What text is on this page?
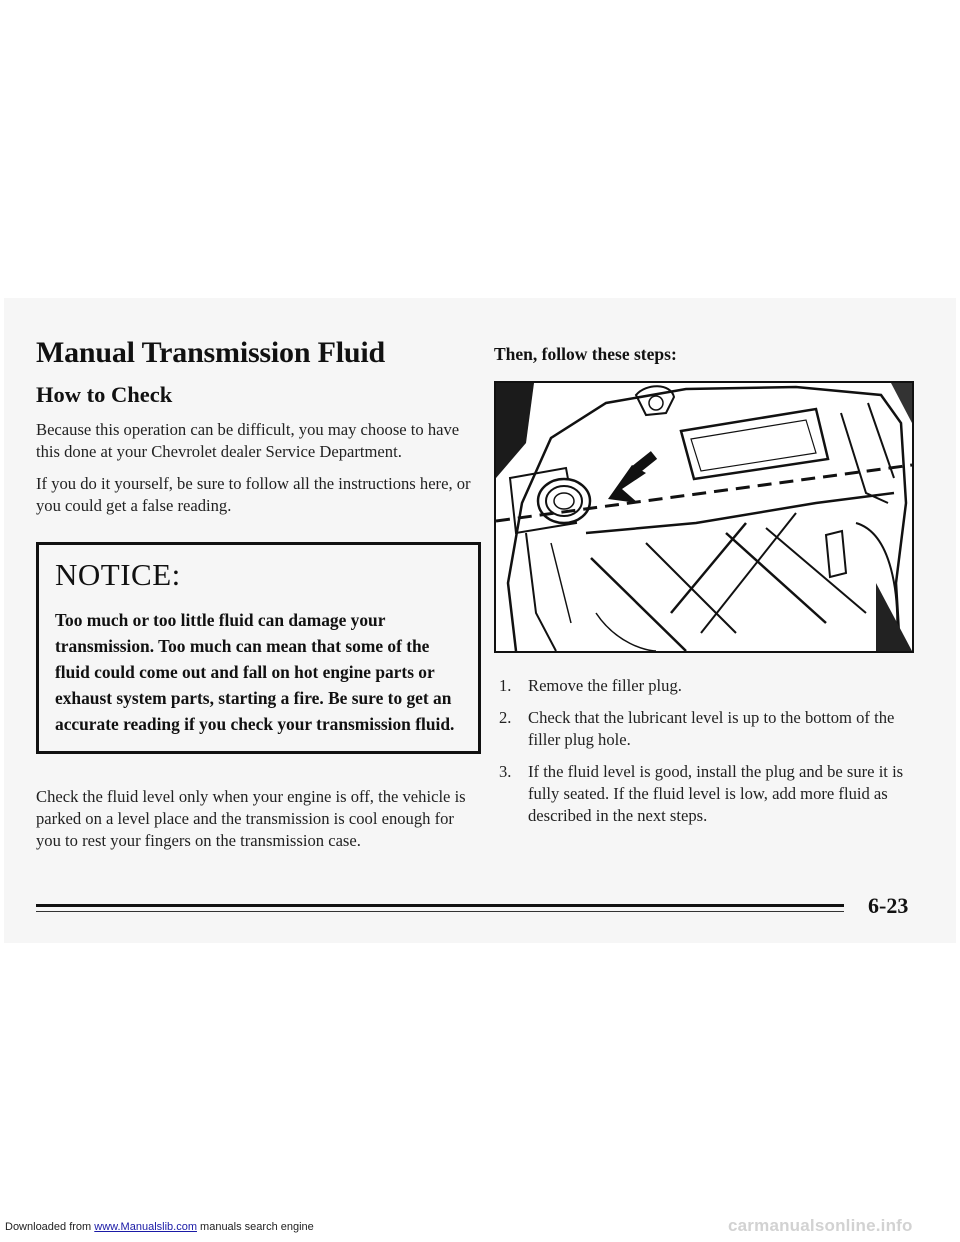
Manual Transmission Fluid
How to Check

Because this operation can be difficult, you may choose to have this done at your Chevrolet dealer Service Department.

If you do it yourself, be sure to follow all the instructions here, or you could get a false reading.

NOTICE:

Too much or too little fluid can damage your transmission. Too much can mean that some of the fluid could come out and fall on hot engine parts or exhaust system parts, starting a fire. Be sure to get an accurate reading if you check your transmission fluid.

Check the fluid level only when your engine is off, the vehicle is parked on a level place and the transmission is cool enough for you to rest your fingers on the transmission case.

Then, follow these steps:
1. Remove the filler plug.
2. Check that the lubricant level is up to the bottom of the filler plug hole.
3. If the fluid level is good, install the plug and be sure it is fully seated. If the fluid level is low, add more fluid as described in the next steps.
6-23
Downloaded from www.Manualslib.com manuals search engine	carmanualsonline.info
